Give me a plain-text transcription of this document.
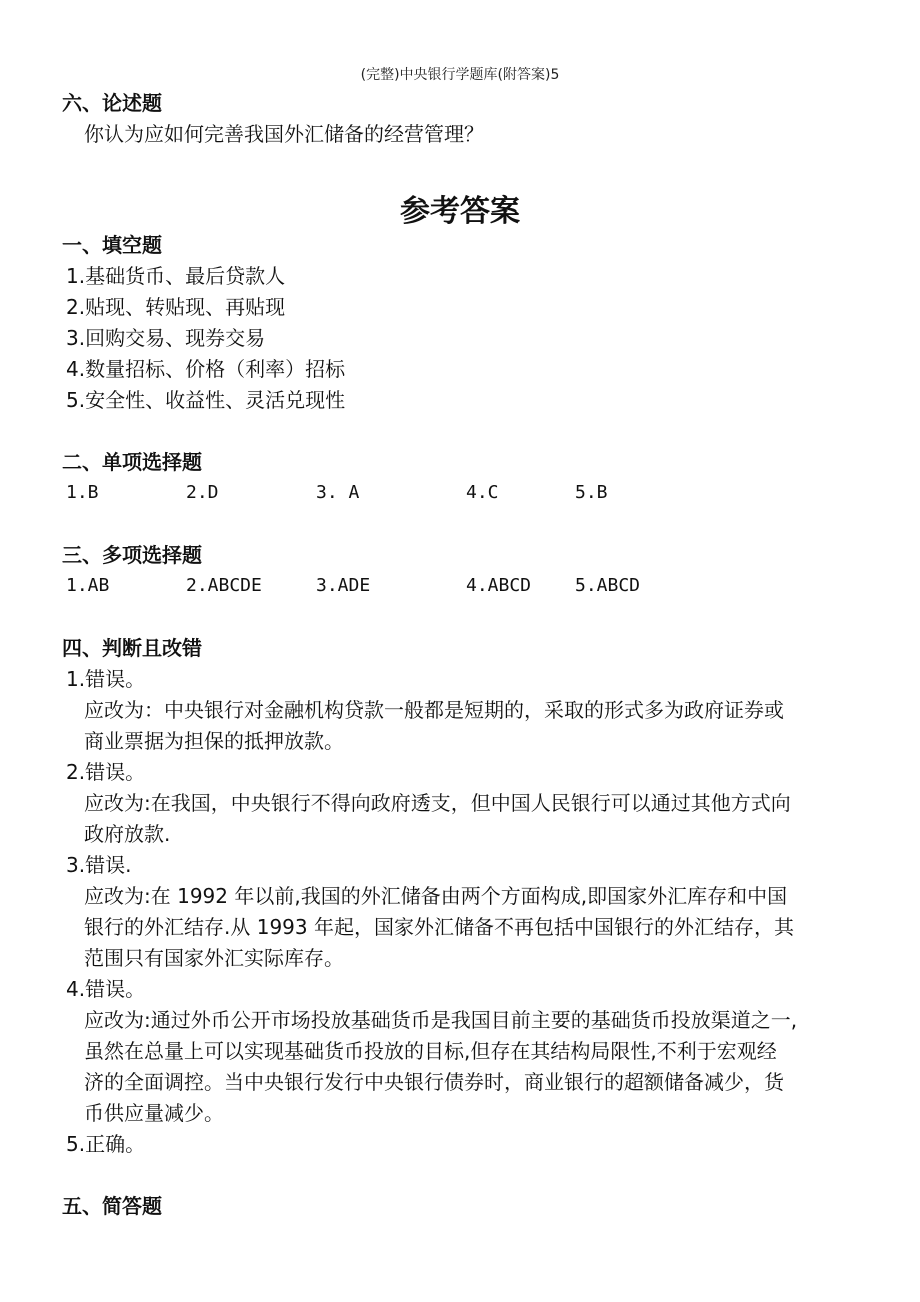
(完整)中央银行学题库(附答案)5
六、论述题
你认为应如何完善我国外汇储备的经营管理？
参考答案
一、填空题
1.基础货币、最后贷款人
2.贴现、转贴现、再贴现
3.回购交易、现券交易
4.数量招标、价格（利率）招标
5.安全性、收益性、灵活兑现性
二、单项选择题
1.B	2.D	3. A	4.C	5.B
三、多项选择题
1.AB	2.ABCDE	3.ADE	4.ABCD 5.ABCD
四、判断且改错
1.错误。
应改为：中央银行对金融机构贷款一般都是短期的，采取的形式多为政府证券或
商业票据为担保的抵押放款。
2.错误。
应改为:在我国，中央银行不得向政府透支，但中国人民银行可以通过其他方式向
政府放款.
3.错误.
应改为:在 1992 年以前,我国的外汇储备由两个方面构成,即国家外汇库存和中国
银行的外汇结存.从 1993 年起，国家外汇储备不再包括中国银行的外汇结存，其
范围只有国家外汇实际库存。
4.错误。
应改为:通过外币公开市场投放基础货币是我国目前主要的基础货币投放渠道之一,
虽然在总量上可以实现基础货币投放的目标,但存在其结构局限性,不利于宏观经
济的全面调控。当中央银行发行中央银行债券时，商业银行的超额储备减少，货
币供应量减少。
5.正确。
五、简答题
